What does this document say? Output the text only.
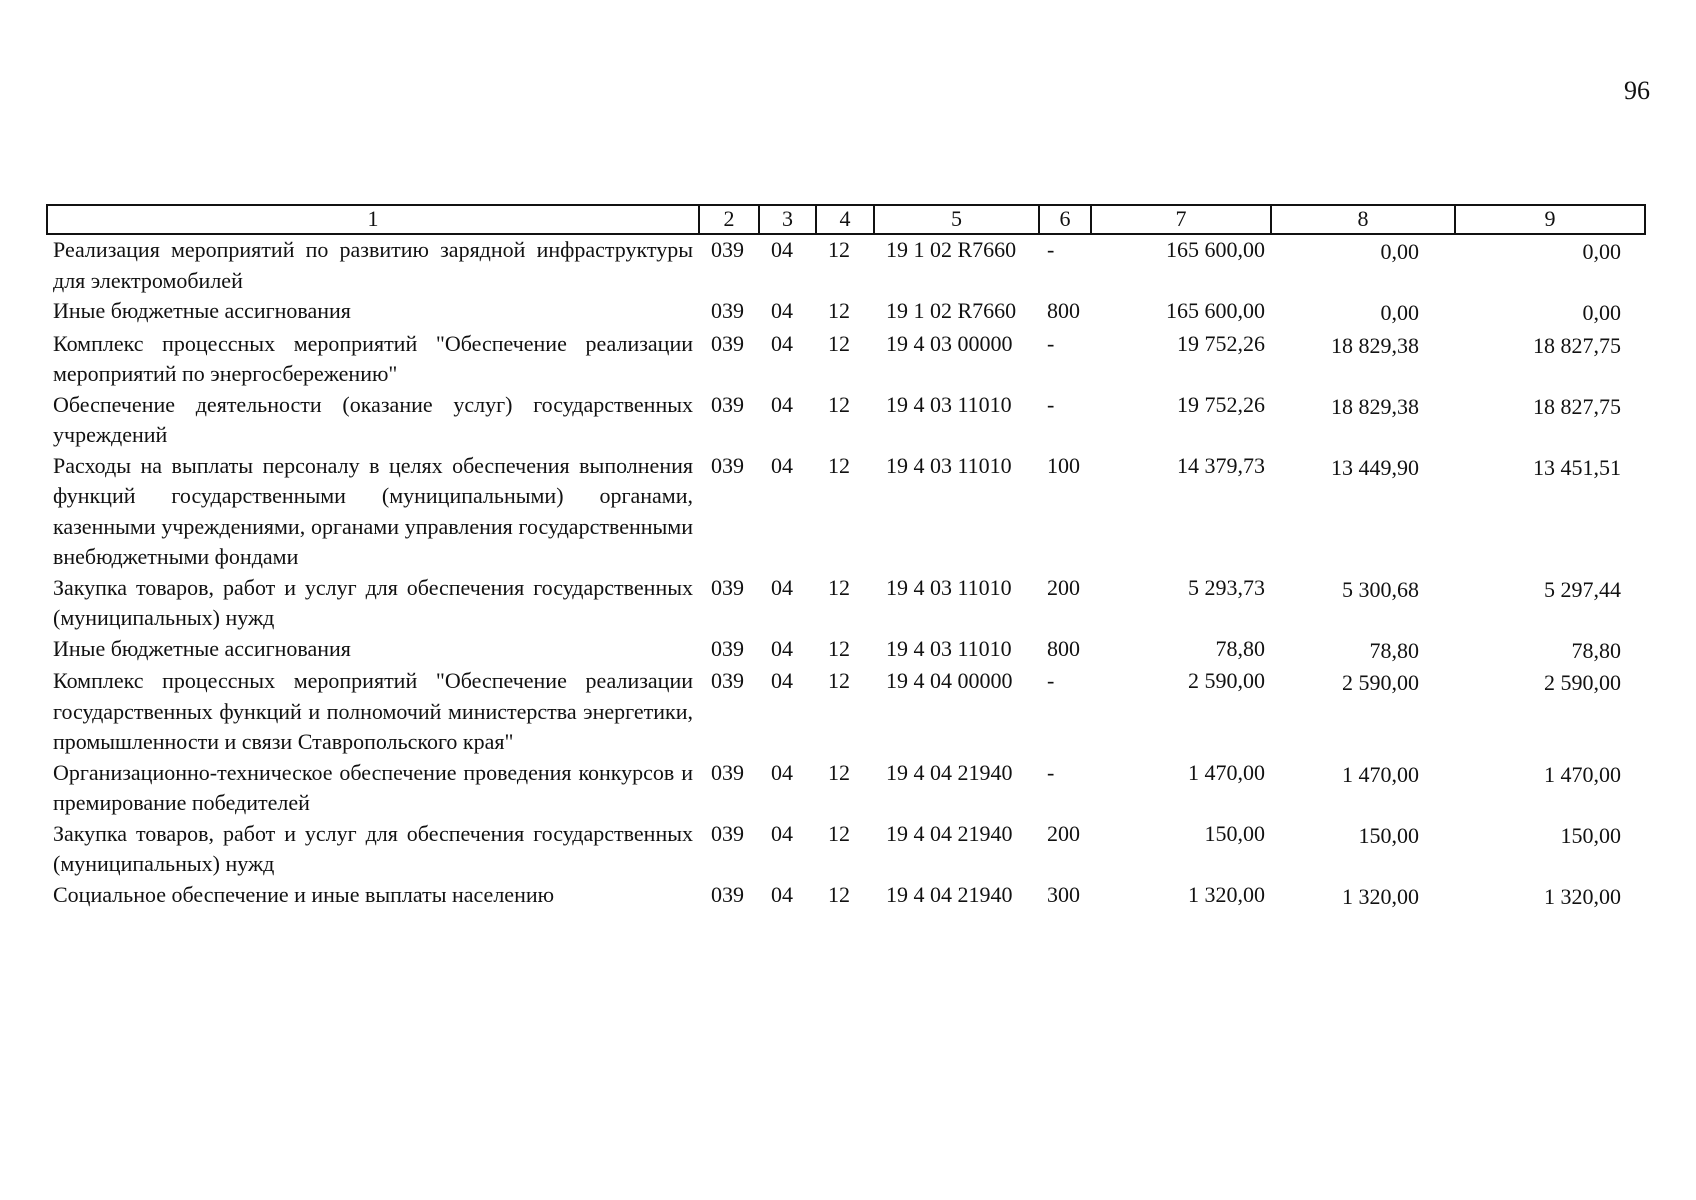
96
1	2	3	4	5	6	7	8	9
Реализация мероприятий по развитию зарядной инфраструктуры для электромобилей	039	04	12	19 1 02 R7660	-	165 600,00	0,00	0,00
Иные бюджетные ассигнования	039	04	12	19 1 02 R7660	800	165 600,00	0,00	0,00
Комплекс процессных мероприятий "Обеспечение реализации мероприятий по энергосбережению"	039	04	12	19 4 03 00000	-	19 752,26	18 829,38	18 827,75
Обеспечение деятельности (оказание услуг) государственных учреждений	039	04	12	19 4 03 11010	-	19 752,26	18 829,38	18 827,75
Расходы на выплаты персоналу в целях обеспечения выполнения функций государственными (муниципальными) органами, казенными учреждениями, органами управления государственными внебюджетными фондами	039	04	12	19 4 03 11010	100	14 379,73	13 449,90	13 451,51
Закупка товаров, работ и услуг для обеспечения государственных (муниципальных) нужд	039	04	12	19 4 03 11010	200	5 293,73	5 300,68	5 297,44
Иные бюджетные ассигнования	039	04	12	19 4 03 11010	800	78,80	78,80	78,80
Комплекс процессных мероприятий "Обеспечение реализации государственных функций и полномочий министерства энергетики, промышленности и связи Ставропольского края"	039	04	12	19 4 04 00000	-	2 590,00	2 590,00	2 590,00
Организационно-техническое обеспечение проведения конкурсов и премирование победителей	039	04	12	19 4 04 21940	-	1 470,00	1 470,00	1 470,00
Закупка товаров, работ и услуг для обеспечения государственных (муниципальных) нужд	039	04	12	19 4 04 21940	200	150,00	150,00	150,00
Социальное обеспечение и иные выплаты населению	039	04	12	19 4 04 21940	300	1 320,00	1 320,00	1 320,00
